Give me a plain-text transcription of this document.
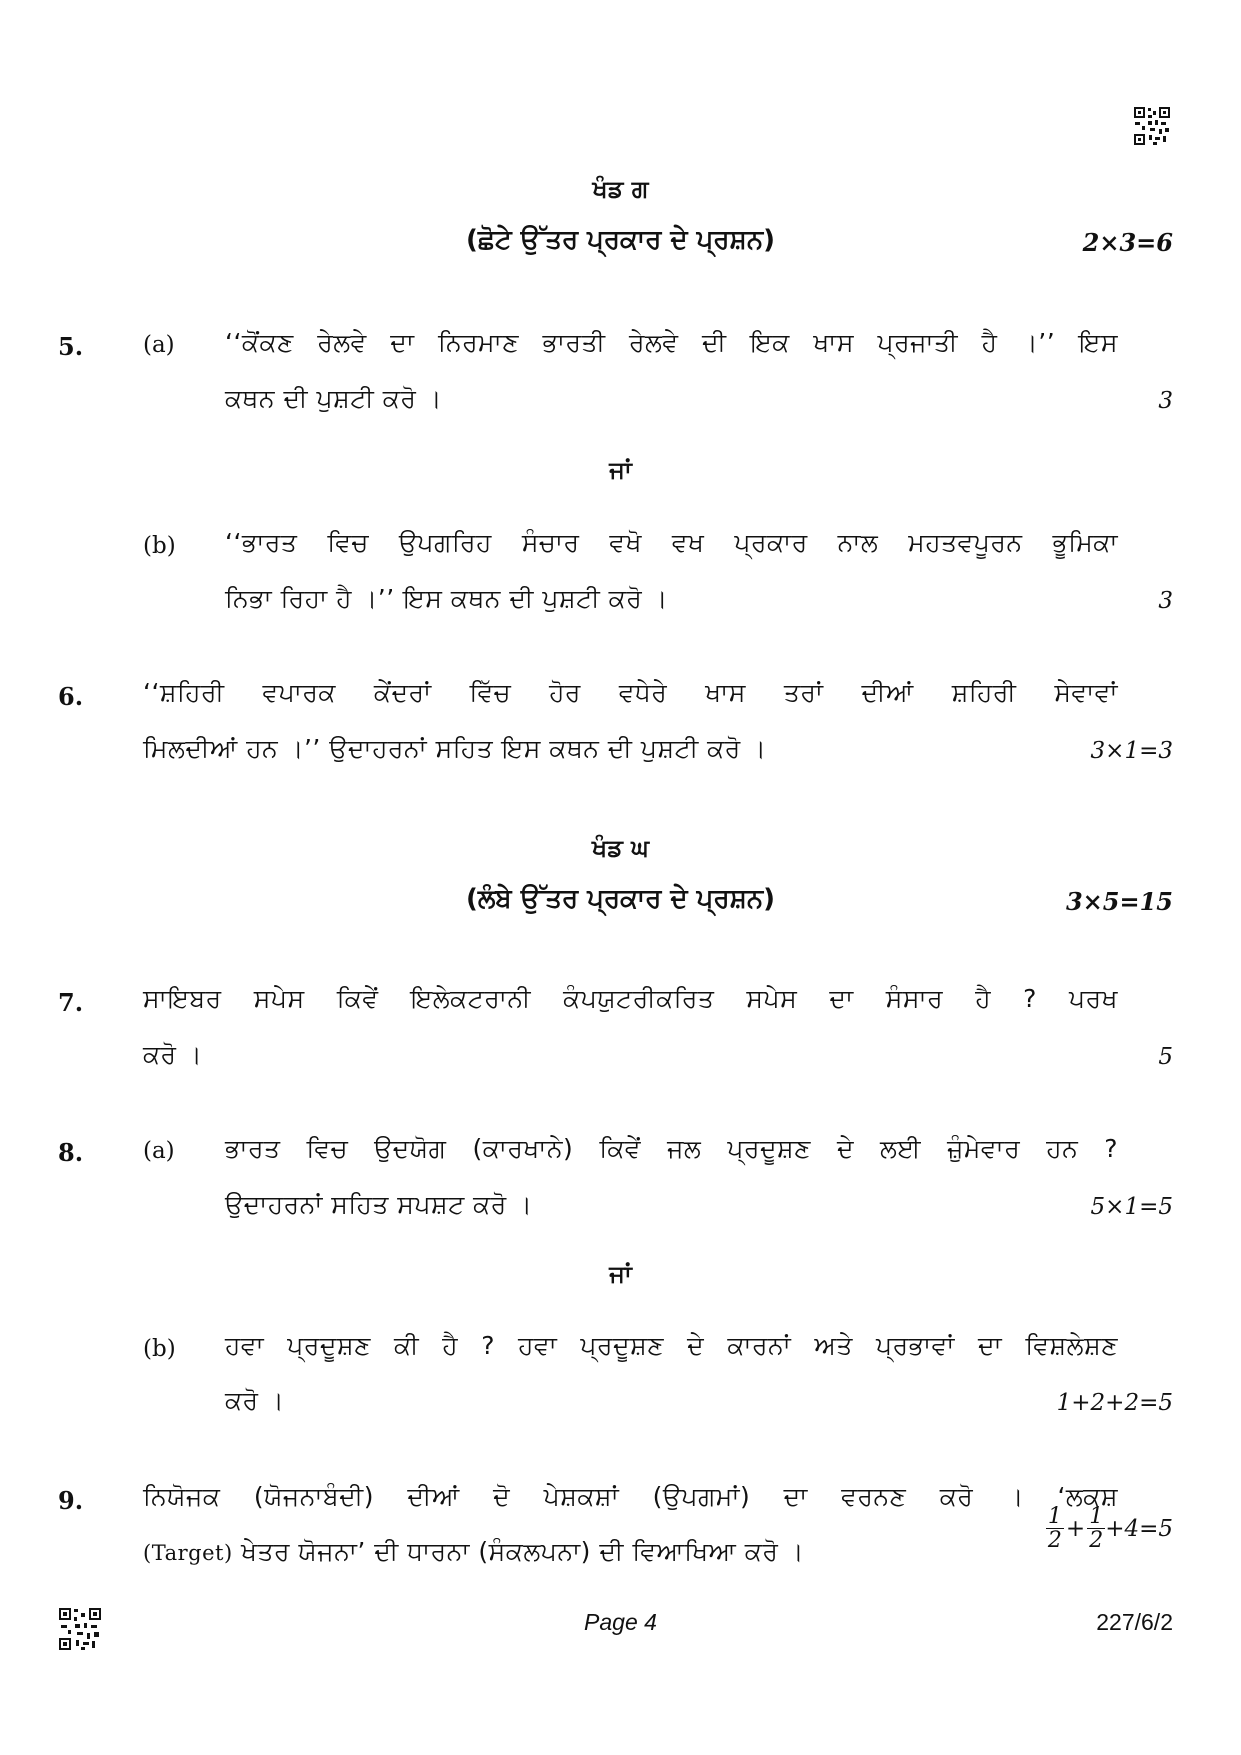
ਖੰਡ ਗ
(ਛੋਟੇ ਉੱਤਰ ਪ੍ਰਕਾਰ ਦੇ ਪ੍ਰਸ਼ਨ)	2×3=6
5.	(a) ‘‘ਕੋਂਕਣ ਰੇਲਵੇ ਦਾ ਨਿਰਮਾਣ ਭਾਰਤੀ ਰੇਲਵੇ ਦੀ ਇਕ ਖਾਸ ਪ੍ਰਜਾਤੀ ਹੈ ।’’ ਇਸ
ਕਥਨ ਦੀ ਪੁਸ਼ਟੀ ਕਰੋ ।	3
ਜਾਂ
(b) ‘‘ਭਾਰਤ ਵਿਚ ਉਪਗਰਿਹ ਸੰਚਾਰ ਵਖੋ ਵਖ ਪ੍ਰਕਾਰ ਨਾਲ ਮਹਤਵਪੂਰਨ ਭੂਮਿਕਾ
ਨਿਭਾ ਰਿਹਾ ਹੈ ।’’ ਇਸ ਕਥਨ ਦੀ ਪੁਸ਼ਟੀ ਕਰੋ ।	3
6. ‘‘ਸ਼ਹਿਰੀ ਵਪਾਰਕ ਕੇਂਦਰਾਂ ਵਿੱਚ ਹੋਰ ਵਧੇਰੇ ਖਾਸ ਤਰਾਂ ਦੀਆਂ ਸ਼ਹਿਰੀ ਸੇਵਾਵਾਂ
ਮਿਲਦੀਆਂ ਹਨ ।’’ ਉਦਾਹਰਨਾਂ ਸਹਿਤ ਇਸ ਕਥਨ ਦੀ ਪੁਸ਼ਟੀ ਕਰੋ ।	3×1=3
ਖੰਡ ਘ
(ਲੰਬੇ ਉੱਤਰ ਪ੍ਰਕਾਰ ਦੇ ਪ੍ਰਸ਼ਨ)	3×5=15
7. ਸਾਇਬਰ ਸਪੇਸ ਕਿਵੇਂ ਇਲੇਕਟਰਾਨੀ ਕੰਪਯੁਟਰੀਕਰਿਤ ਸਪੇਸ ਦਾ ਸੰਸਾਰ ਹੈ ? ਪਰਖ
ਕਰੋ ।	5
8.	(a) ਭਾਰਤ ਵਿਚ ਉਦਯੋਗ (ਕਾਰਖਾਨੇ) ਕਿਵੇਂ ਜਲ ਪ੍ਰਦੂਸ਼ਣ ਦੇ ਲਈ ਜ਼ੁੰਮੇਵਾਰ ਹਨ ?
ਉਦਾਹਰਨਾਂ ਸਹਿਤ ਸਪਸ਼ਟ ਕਰੋ ।	5×1=5
ਜਾਂ
(b) ਹਵਾ ਪ੍ਰਦੂਸ਼ਣ ਕੀ ਹੈ ? ਹਵਾ ਪ੍ਰਦੂਸ਼ਣ ਦੇ ਕਾਰਨਾਂ ਅਤੇ ਪ੍ਰਭਾਵਾਂ ਦਾ ਵਿਸ਼ਲੇਸ਼ਣ
ਕਰੋ ।	1+2+2=5
9. ਨਿਯੋਜਕ (ਯੋਜਨਾਬੰਦੀ) ਦੀਆਂ ਦੋ ਪੇਸ਼ਕਸ਼ਾਂ (ਉਪਗਮਾਂ) ਦਾ ਵਰਨਣ ਕਰੋ । ‘ਲਕਸ਼
(Target) ਖੇਤਰ ਯੋਜਨਾ’ ਦੀ ਧਾਰਨਾ (ਸੰਕਲਪਨਾ) ਦੀ ਵਿਆਖਿਆ ਕਰੋ ।	$\frac{1}{2} + \frac{1}{2} +4=5$
Page 4	227/6/2
